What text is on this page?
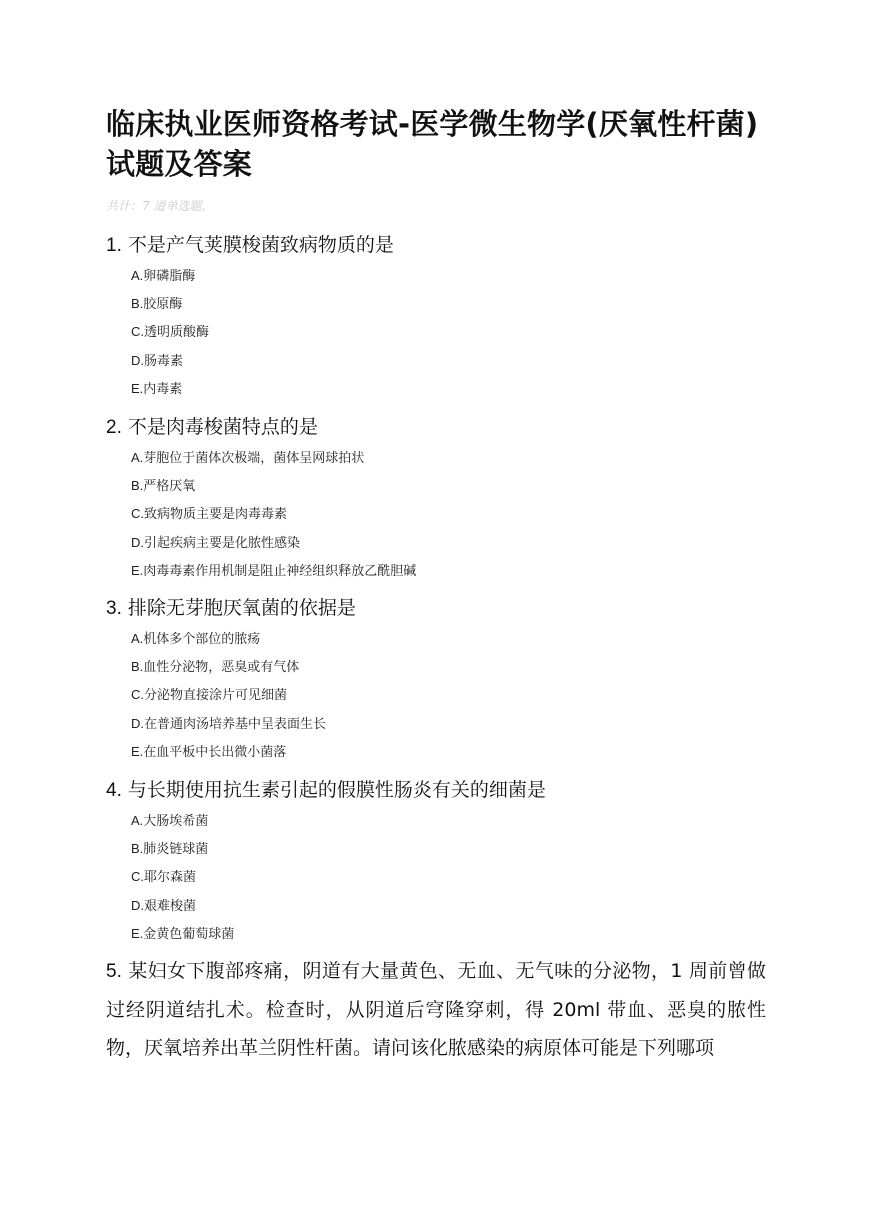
临床执业医师资格考试-医学微生物学(厌氧性杆菌)试题及答案

共计：7 道单选题,

1. 不是产气荚膜梭菌致病物质的是

A.卵磷脂酶
B.胶原酶
C.透明质酸酶
D.肠毒素
E.内毒素

2. 不是肉毒梭菌特点的是

A.芽胞位于菌体次极端，菌体呈网球拍状
B.严格厌氧
C.致病物质主要是肉毒毒素
D.引起疾病主要是化脓性感染
E.肉毒毒素作用机制是阻止神经组织释放乙酰胆碱

3. 排除无芽胞厌氧菌的依据是

A.机体多个部位的脓疡
B.血性分泌物，恶臭或有气体
C.分泌物直接涂片可见细菌
D.在普通肉汤培养基中呈表面生长
E.在血平板中长出微小菌落

4. 与长期使用抗生素引起的假膜性肠炎有关的细菌是

A.大肠埃希菌
B.肺炎链球菌
C.耶尔森菌
D.艰难梭菌
E.金黄色葡萄球菌

5. 某妇女下腹部疼痛，阴道有大量黄色、无血、无气味的分泌物，1 周前曾做过经阴道结扎术。检查时，从阴道后穹隆穿刺，得 20ml 带血、恶臭的脓性物，厌氧培养出革兰阴性杆菌。请问该化脓感染的病原体可能是下列哪项
